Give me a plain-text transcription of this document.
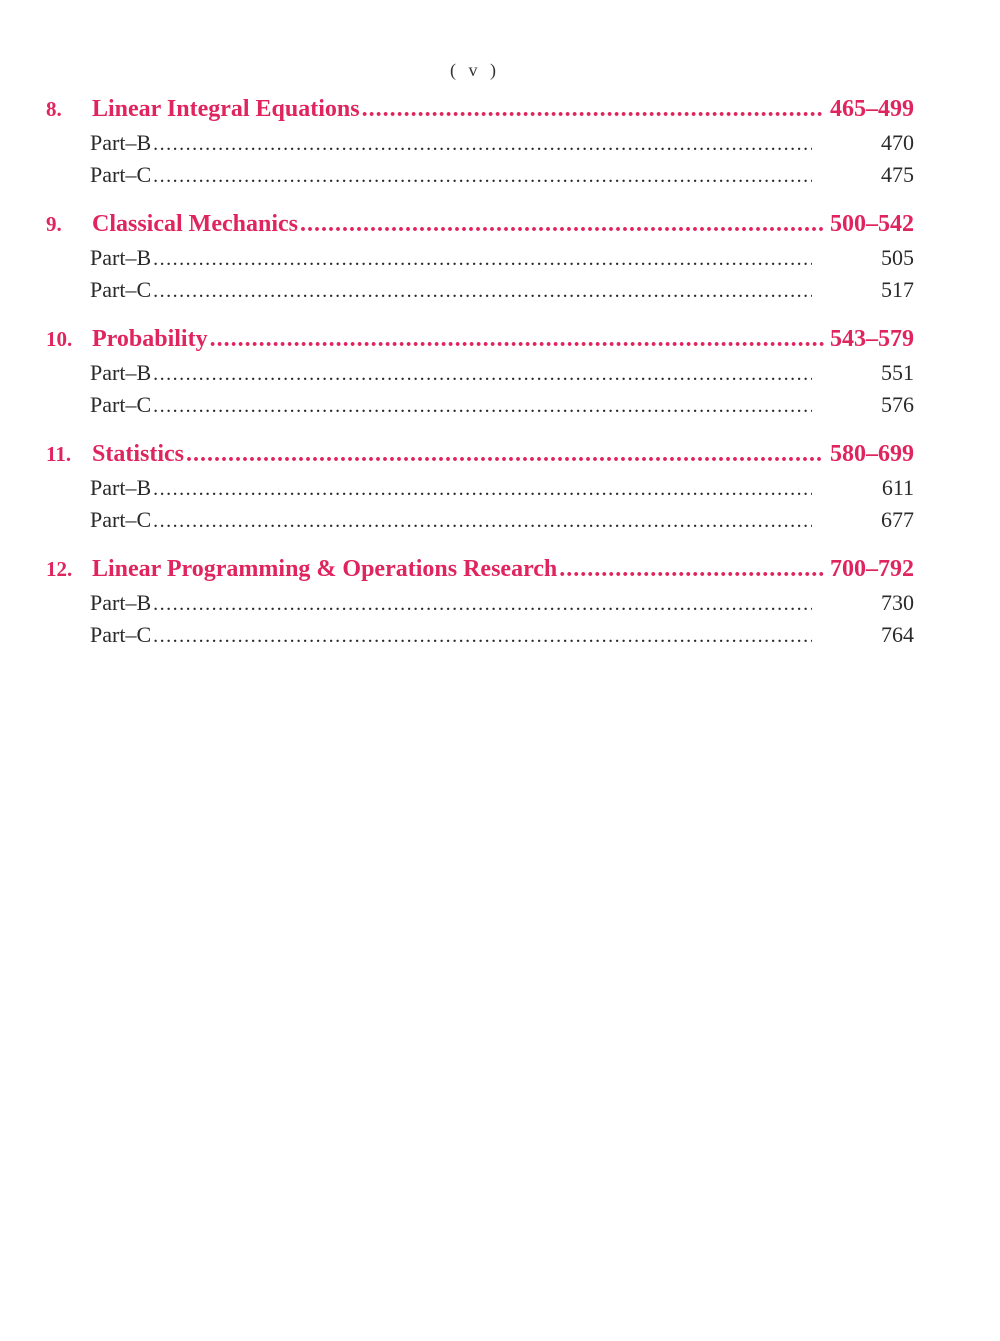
( v )
8.	Linear Integral Equations .....	465–499
Part–B .....	470
Part–C .....	475
9.	Classical Mechanics .....	500–542
Part–B .....	505
Part–C .....	517
10. Probability .....	543–579
Part–B .....	551
Part–C .....	576
11. Statistics .....	580–699
Part–B .....	611
Part–C .....	677
12. Linear Programming & Operations Research .....	700–792
Part–B .....	730
Part–C .....	764
